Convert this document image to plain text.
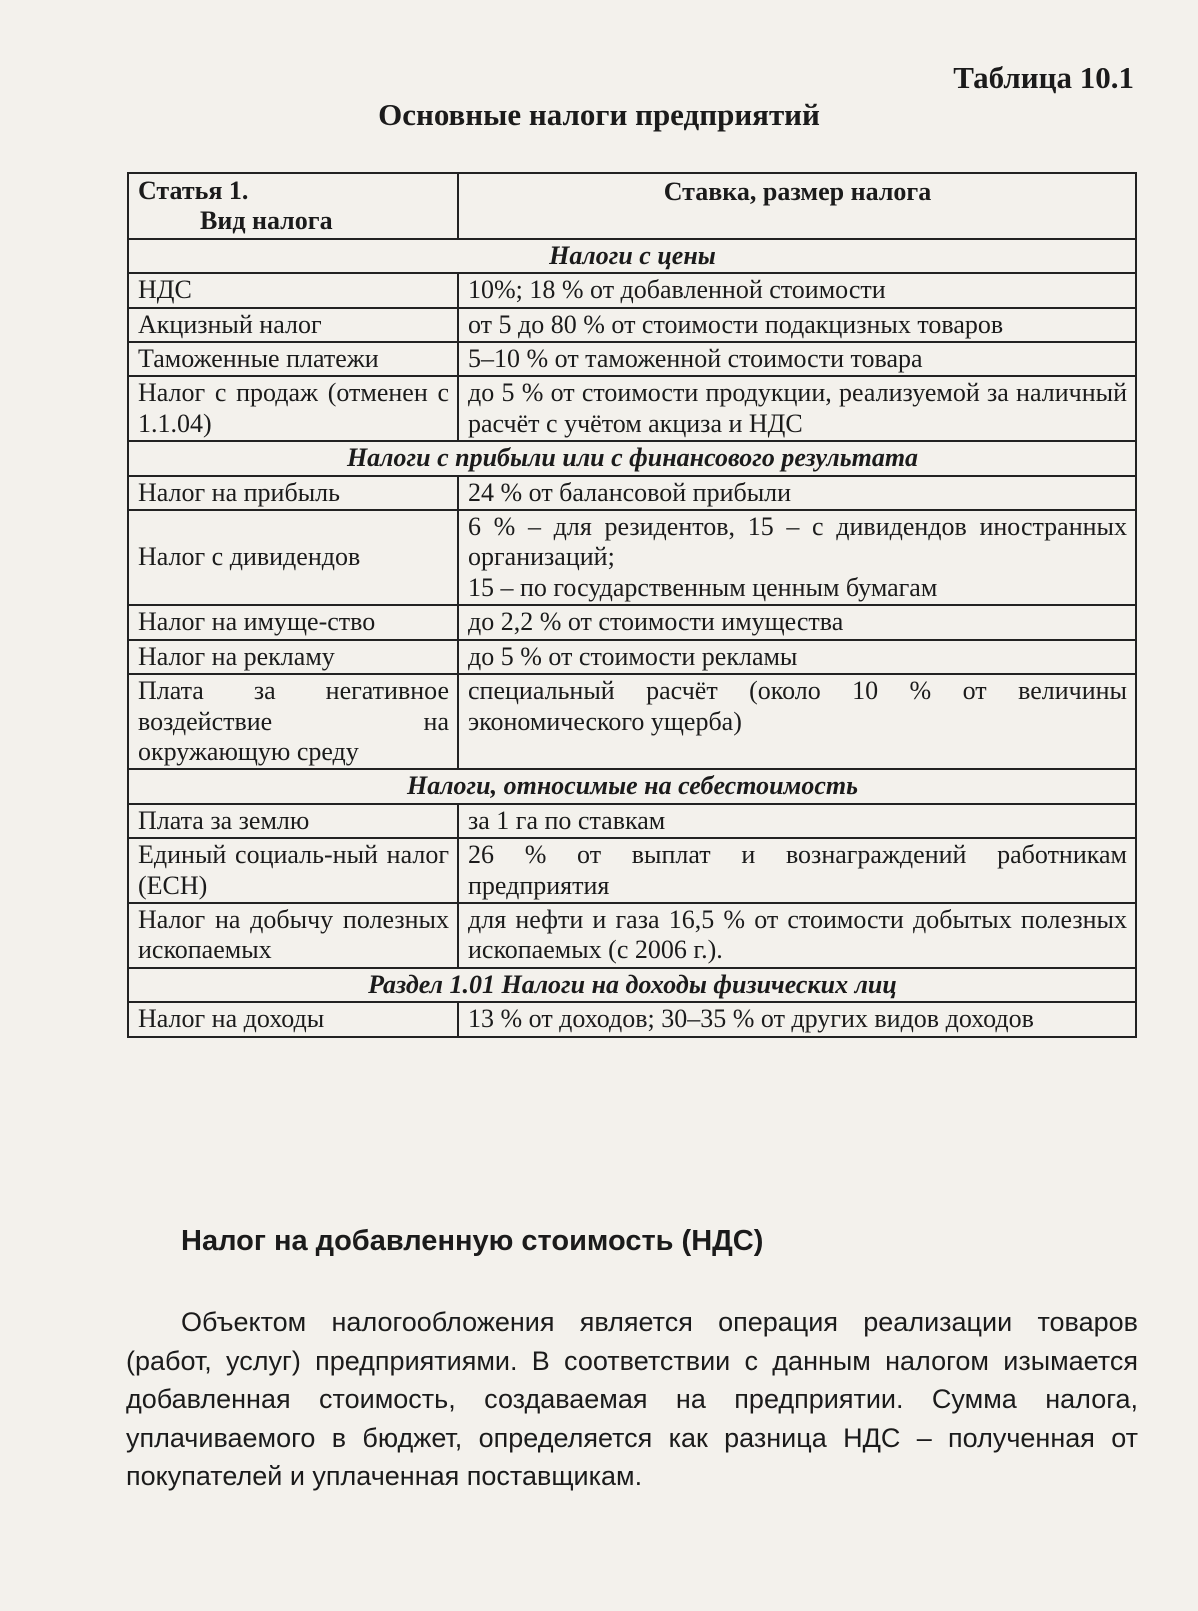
Таблица 10.1
Основные налоги предприятий
Статья 1.
Вид налога	Ставка, размер налога
Налоги с цены	
НДС	10%; 18 % от добавленной стоимости
Акцизный налог	от 5 до 80 % от стоимости подакцизных товаров
Таможенные платежи	5–10 % от таможенной стоимости товара
Налог с продаж (отменен с 1.1.04)	до 5 % от стоимости продукции, реализуемой за наличный расчёт с учётом акциза и НДС
Налоги с прибыли или с финансового результата	
Налог на прибыль	24 % от балансовой прибыли
Налог с дивидендов	6 % – для резидентов, 15 – с дивидендов иностранных организаций;
15 – по государственным ценным бумагам

Налог на имуще-ство	до 2,2 % от стоимости имущества
Налог на рекламу	до 5 % от стоимости рекламы
Плата за негативное воздействие на окружающую среду	специальный расчёт (около 10 % от величины экономического ущерба)
Налоги, относимые на себестоимость	
Плата за землю	за 1 га по ставкам
Единый социаль-ный налог (ЕСН)	26 % от выплат и вознаграждений работникам предприятия
Налог на добычу полезных ископаемых	для нефти и газа 16,5 % от стоимости добытых полезных ископаемых (с 2006 г.).
Раздел 1.01 Налоги на доходы физических лиц	
Налог на доходы	13 % от доходов; 30–35 % от других видов доходов
Налог на добавленную стоимость (НДС)

Объектом налогообложения является операция реализации товаров (работ, услуг) предприятиями. В соответствии с данным налогом изымается добавленная стоимость, создаваемая на предприятии. Сумма налога, уплачиваемого в бюджет, определяется как разница НДС – полученная от покупателей и уплаченная поставщикам.
